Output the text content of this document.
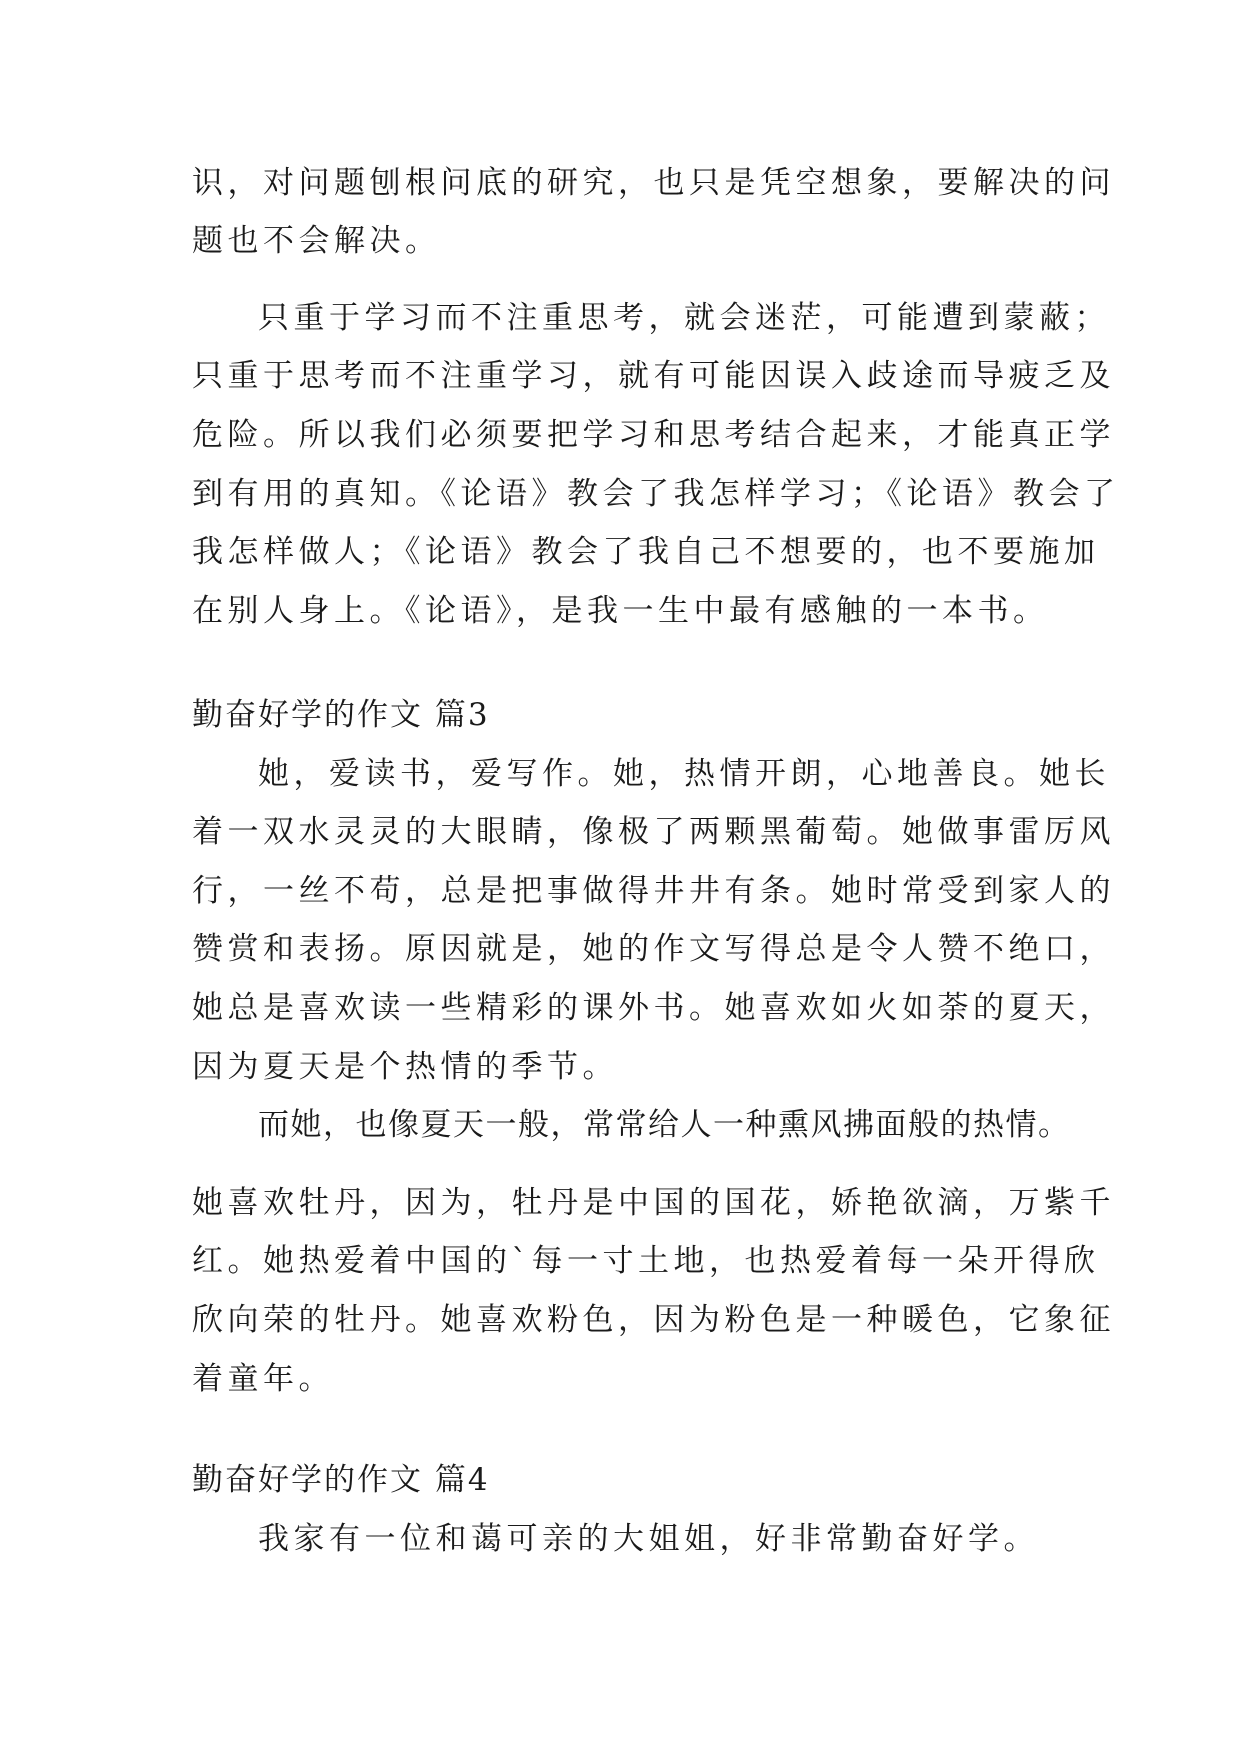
识，对问题刨根问底的研究，也只是凭空想象，要解决的问

题也不会解决。

只重于学习而不注重思考，就会迷茫，可能遭到蒙蔽；

只重于思考而不注重学习，就有可能因误入歧途而导疲乏及

危险。所以我们必须要把学习和思考结合起来，才能真正学

到有用的真知。《论语》教会了我怎样学习；《论语》教会了

我怎样做人；《论语》教会了我自己不想要的，也不要施加

在别人身上。《论语》，是我一生中最有感触的一本书。

勤奋好学的作文 篇3

她，爱读书，爱写作。她，热情开朗，心地善良。她长

着一双水灵灵的大眼睛，像极了两颗黑葡萄。她做事雷厉风

行，一丝不苟，总是把事做得井井有条。她时常受到家人的

赞赏和表扬。原因就是，她的作文写得总是令人赞不绝口，

她总是喜欢读一些精彩的课外书。她喜欢如火如荼的夏天，

因为夏天是个热情的季节。

而她，也像夏天一般，常常给人一种熏风拂面般的热情。

她喜欢牡丹，因为，牡丹是中国的国花，娇艳欲滴，万紫千

红。她热爱着中国的`每一寸土地，也热爱着每一朵开得欣

欣向荣的牡丹。她喜欢粉色，因为粉色是一种暖色，它象征

着童年。

勤奋好学的作文 篇4

我家有一位和蔼可亲的大姐姐，好非常勤奋好学。
